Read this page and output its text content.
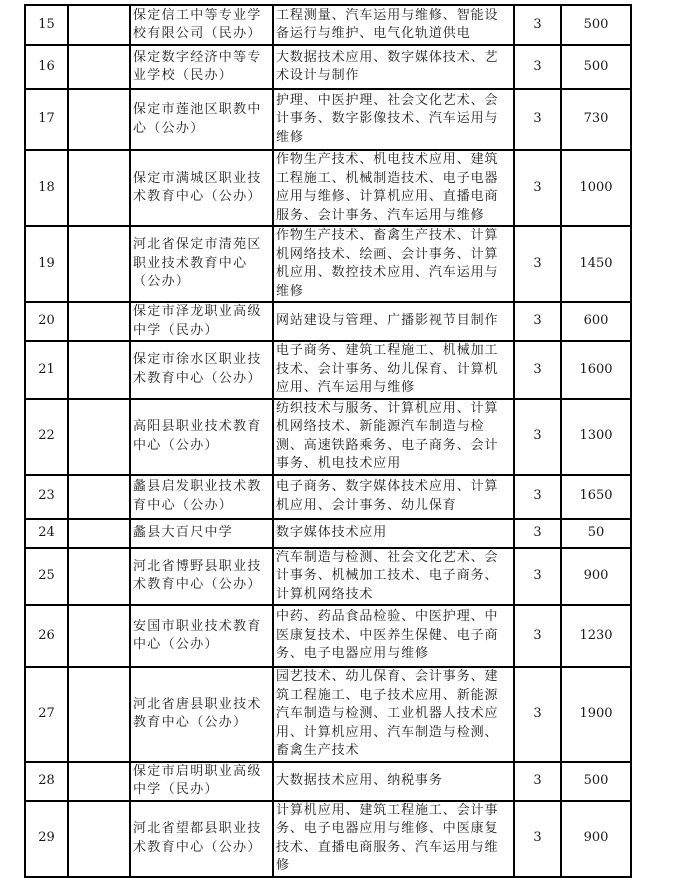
15		保定信工中等专业学校有限公司（民办）	工程测量、汽车运用与维修、智能设备运行与维护、电气化轨道供电	3	500
16		保定数字经济中等专业学校（民办）	大数据技术应用、数字媒体技术、艺术设计与制作	3	500
17		保定市莲池区职教中心（公办）	护理、中医护理、社会文化艺术、会计事务、数字影像技术、汽车运用与维修	3	730
18		保定市满城区职业技术教育中心（公办）	作物生产技术、机电技术应用、建筑工程施工、机械制造技术、电子电器应用与维修、计算机应用、直播电商服务、会计事务、汽车运用与维修	3	1000
19		河北省保定市清苑区职业技术教育中心（公办）	作物生产技术、畜禽生产技术、计算机网络技术、绘画、会计事务、计算机应用、数控技术应用、汽车运用与维修	3	1450
20		保定市泽龙职业高级中学（民办）	网站建设与管理、广播影视节目制作	3	600
21		保定市徐水区职业技术教育中心（公办）	电子商务、建筑工程施工、机械加工技术、会计事务、幼儿保育、计算机应用、汽车运用与维修	3	1600
22		高阳县职业技术教育中心（公办）	纺织技术与服务、计算机应用、计算机网络技术、新能源汽车制造与检测、高速铁路乘务、电子商务、会计事务、机电技术应用	3	1300
23		蠡县启发职业技术教育中心（公办）	电子商务、数字媒体技术应用、计算机应用、会计事务、幼儿保育	3	1650
24		蠡县大百尺中学	数字媒体技术应用	3	50
25		河北省博野县职业技术教育中心（公办）	汽车制造与检测、社会文化艺术、会计事务、机械加工技术、电子商务、计算机网络技术	3	900
26		安国市职业技术教育中心（公办）	中药、药品食品检验、中医护理、中医康复技术、中医养生保健、电子商务、电子电器应用与维修	3	1230
27		河北省唐县职业技术教育中心（公办）	园艺技术、幼儿保育、会计事务、建筑工程施工、电子技术应用、新能源汽车制造与检测、工业机器人技术应用、计算机应用、汽车制造与检测、畜禽生产技术	3	1900
28		保定市启明职业高级中学（民办）	大数据技术应用、纳税事务	3	500
29		河北省望都县职业技术教育中心（公办）	计算机应用、建筑工程施工、会计事务、电子电器应用与维修、中医康复技术、直播电商服务、汽车运用与维修	3	900
